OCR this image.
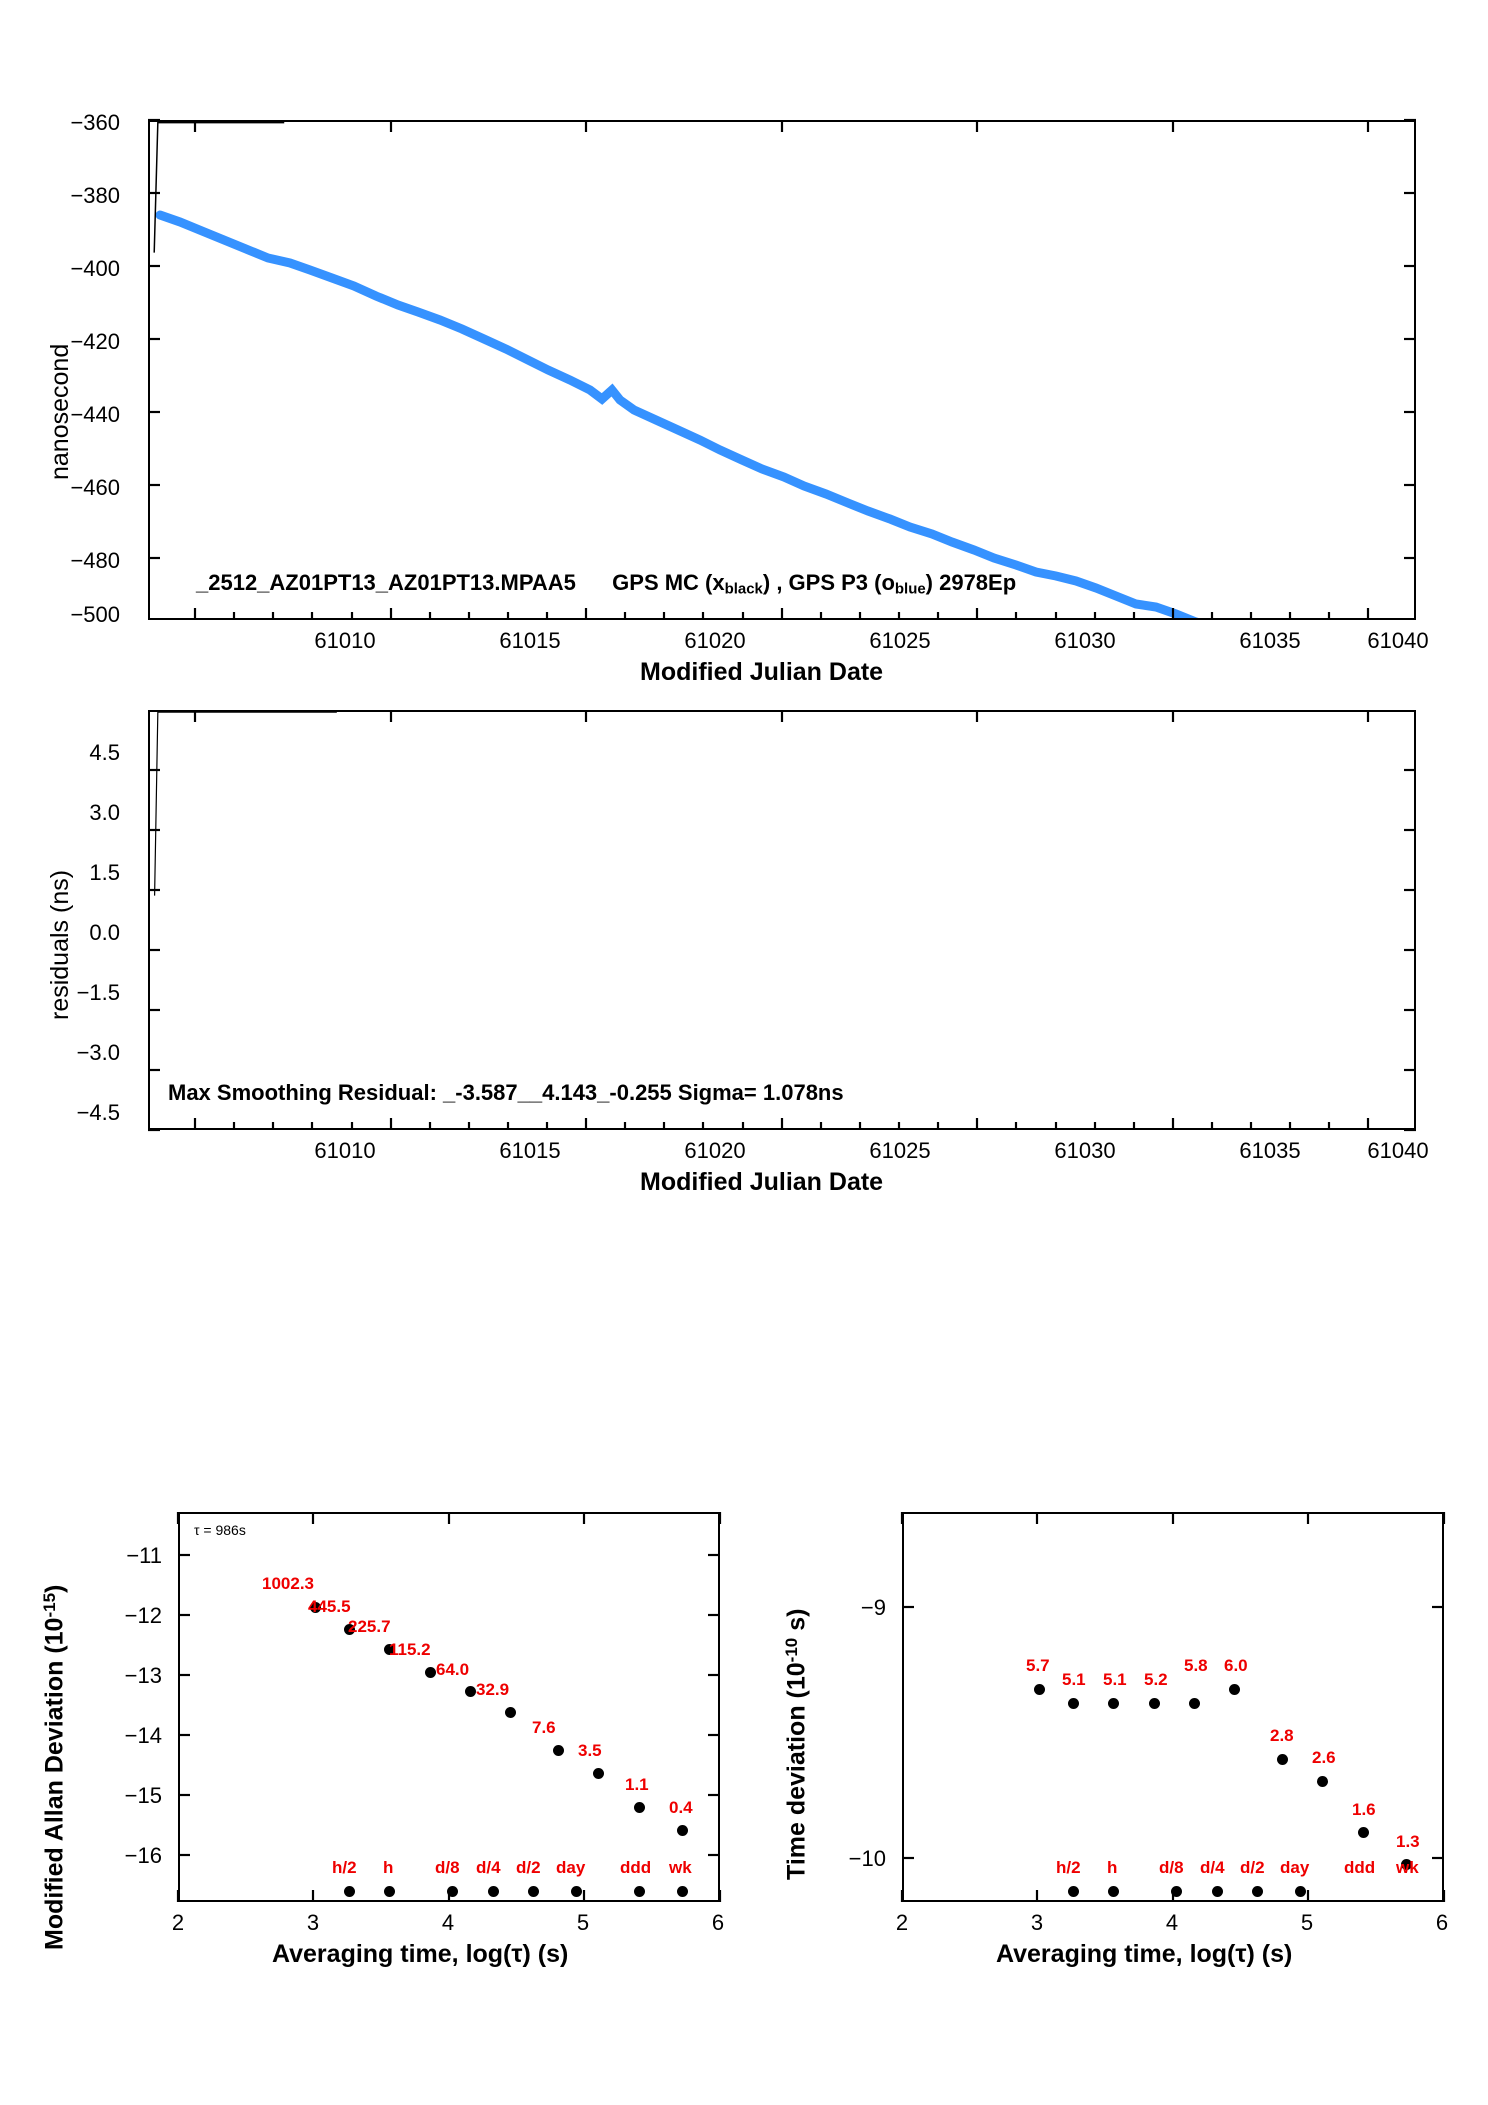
nanosecond
−360
−380
−400
−420
−440
−460
−480
−500
61010	61015	61020	61025	61030	61035	61040
Modified Julian Date
_2512_AZ01PT13_AZ01PT13.MPAA5 GPS MC $(x_{black})$ , GPS P3 $(o_{blue})$ 2978Ep
residuals (ns)
4.5
3.0
1.5
0.0
−1.5
−3.0
−4.5
61010	61015	61020	61025	61030	61035	61040
Modified Julian Date
Max Smoothing Residual: _-3.587__4.143_-0.255 Sigma= 1.078ns
Modified Allan Deviation $(10^{-15})$
−11
−12
−13
−14
−15
−16
τ = 986s
1002.3
445.5
225.7
115.2
64.0
32.9
7.6
3.5
1.1
0.4
h/2 h d/8 d/4 d/2 day ddd wk
2	3	4	5	6
Averaging time, log(τ) (s)
Time deviation ($10^{-10}$ s)
−9
−10
5.7
5.1 5.1 5.2
5.8 6.0
2.8
2.6
1.6
1.3
h/2 h d/8 d/4 d/2 day ddd wk
2	3	4	5	6
Averaging time, log(τ) (s)
